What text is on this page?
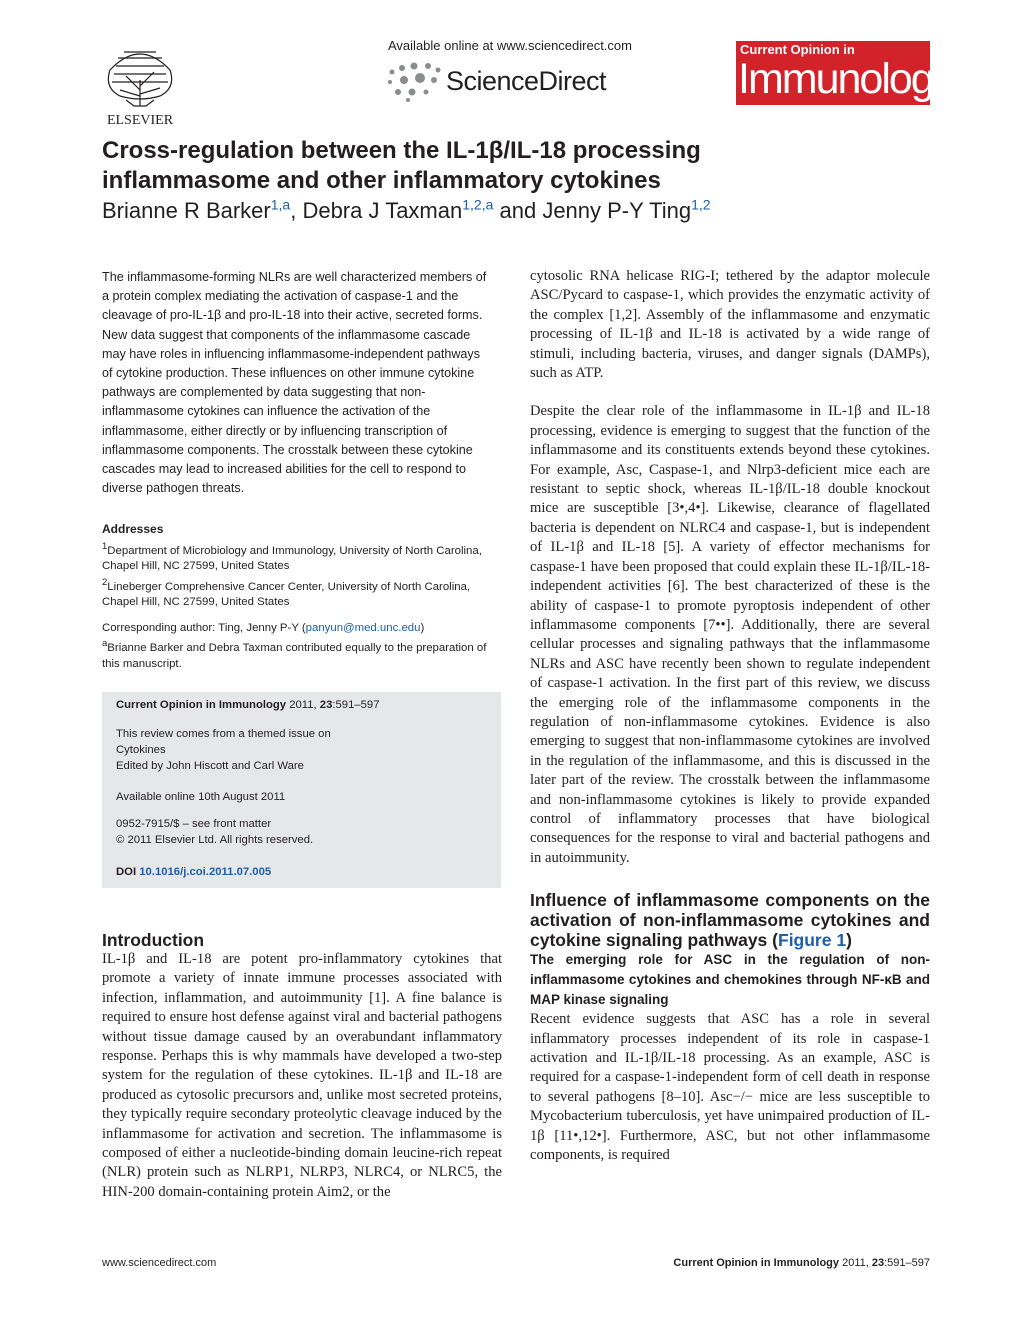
ELSEVIER
Available online at www.sciencedirect.com
ScienceDirect
Current Opinion in
Immunology
Cross-regulation between the IL-1β/IL-18 processing
inflammasome and other inflammatory cytokines
Brianne R Barker$^{1,a}$, Debra J Taxman$^{1,2,a}$ and Jenny P-Y Ting$^{1,2}$
The inflammasome-forming NLRs are well characterized members of a protein complex mediating the activation of caspase-1 and the cleavage of pro-IL-1β and pro-IL-18 into their active, secreted forms. New data suggest that components of the inflammasome cascade may have roles in influencing inflammasome-independent pathways of cytokine production. These influences on other immune cytokine pathways are complemented by data suggesting that non-inflammasome cytokines can influence the activation of the inflammasome, either directly or by influencing transcription of inflammasome components. The crosstalk between these cytokine cascades may lead to increased abilities for the cell to respond to diverse pathogen threats.
Addresses
$^1$Department of Microbiology and Immunology, University of North Carolina, Chapel Hill, NC 27599, United States
$^2$Lineberger Comprehensive Cancer Center, University of North Carolina, Chapel Hill, NC 27599, United States
Corresponding author: Ting, Jenny P-Y (panyun@med.unc.edu)
$^a$Brianne Barker and Debra Taxman contributed equally to the preparation of this manuscript.
Current Opinion in Immunology 2011, 23:591–597
This review comes from a themed issue on
Cytokines
Edited by John Hiscott and Carl Ware
Available online 10th August 2011
0952-7915/$ – see front matter
© 2011 Elsevier Ltd. All rights reserved.
DOI 10.1016/j.coi.2011.07.005
Introduction

IL-1β and IL-18 are potent pro-inflammatory cytokines that promote a variety of innate immune processes associated with infection, inflammation, and autoimmunity [1]. A fine balance is required to ensure host defense against viral and bacterial pathogens without tissue damage caused by an overabundant inflammatory response. Perhaps this is why mammals have developed a two-step system for the regulation of these cytokines. IL-1β and IL-18 are produced as cytosolic precursors and, unlike most secreted proteins, they typically require secondary proteolytic cleavage induced by the inflammasome for activation and secretion. The inflammasome is composed of either a nucleotide-binding domain leucine-rich repeat (NLR) protein such as NLRP1, NLRP3, NLRC4, or NLRC5, the HIN-200 domain-containing protein Aim2, or the

cytosolic RNA helicase RIG-I; tethered by the adaptor molecule ASC/Pycard to caspase-1, which provides the enzymatic activity of the complex [1,2]. Assembly of the inflammasome and enzymatic processing of IL-1β and IL-18 is activated by a wide range of stimuli, including bacteria, viruses, and danger signals (DAMPs), such as ATP.

Despite the clear role of the inflammasome in IL-1β and IL-18 processing, evidence is emerging to suggest that the function of the inflammasome and its constituents extends beyond these cytokines. For example, Asc, Caspase-1, and Nlrp3-deficient mice each are resistant to septic shock, whereas IL-1β/IL-18 double knockout mice are susceptible [3•,4•]. Likewise, clearance of flagellated bacteria is dependent on NLRC4 and caspase-1, but is independent of IL-1β and IL-18 [5]. A variety of effector mechanisms for caspase-1 have been proposed that could explain these IL-1β/IL-18-independent activities [6]. The best characterized of these is the ability of caspase-1 to promote pyroptosis independent of other inflammasome components [7••]. Additionally, there are several cellular processes and signaling pathways that the inflammasome NLRs and ASC have recently been shown to regulate independent of caspase-1 activation. In the first part of this review, we discuss the emerging role of the inflammasome components in the regulation of non-inflammasome cytokines. Evidence is also emerging to suggest that non-inflammasome cytokines are involved in the regulation of the inflammasome, and this is discussed in the later part of the review. The crosstalk between the inflammasome and non-inflammasome cytokines is likely to provide expanded control of inflammatory processes that have biological consequences for the response to viral and bacterial pathogens and in autoimmunity.

Influence of inflammasome components on the activation of non-inflammasome cytokines and cytokine signaling pathways (Figure 1)
The emerging role for ASC in the regulation of non-inflammasome cytokines and chemokines through NF-κB and MAP kinase signaling

Recent evidence suggests that ASC has a role in several inflammatory processes independent of its role in caspase-1 activation and IL-1β/IL-18 processing. As an example, ASC is required for a caspase-1-independent form of cell death in response to several pathogens [8–10]. Asc−/− mice are less susceptible to Mycobacterium tuberculosis, yet have unimpaired production of IL-1β [11•,12•]. Furthermore, ASC, but not other inflammasome components, is required

www.sciencedirect.com	Current Opinion in Immunology 2011, 23:591–597
